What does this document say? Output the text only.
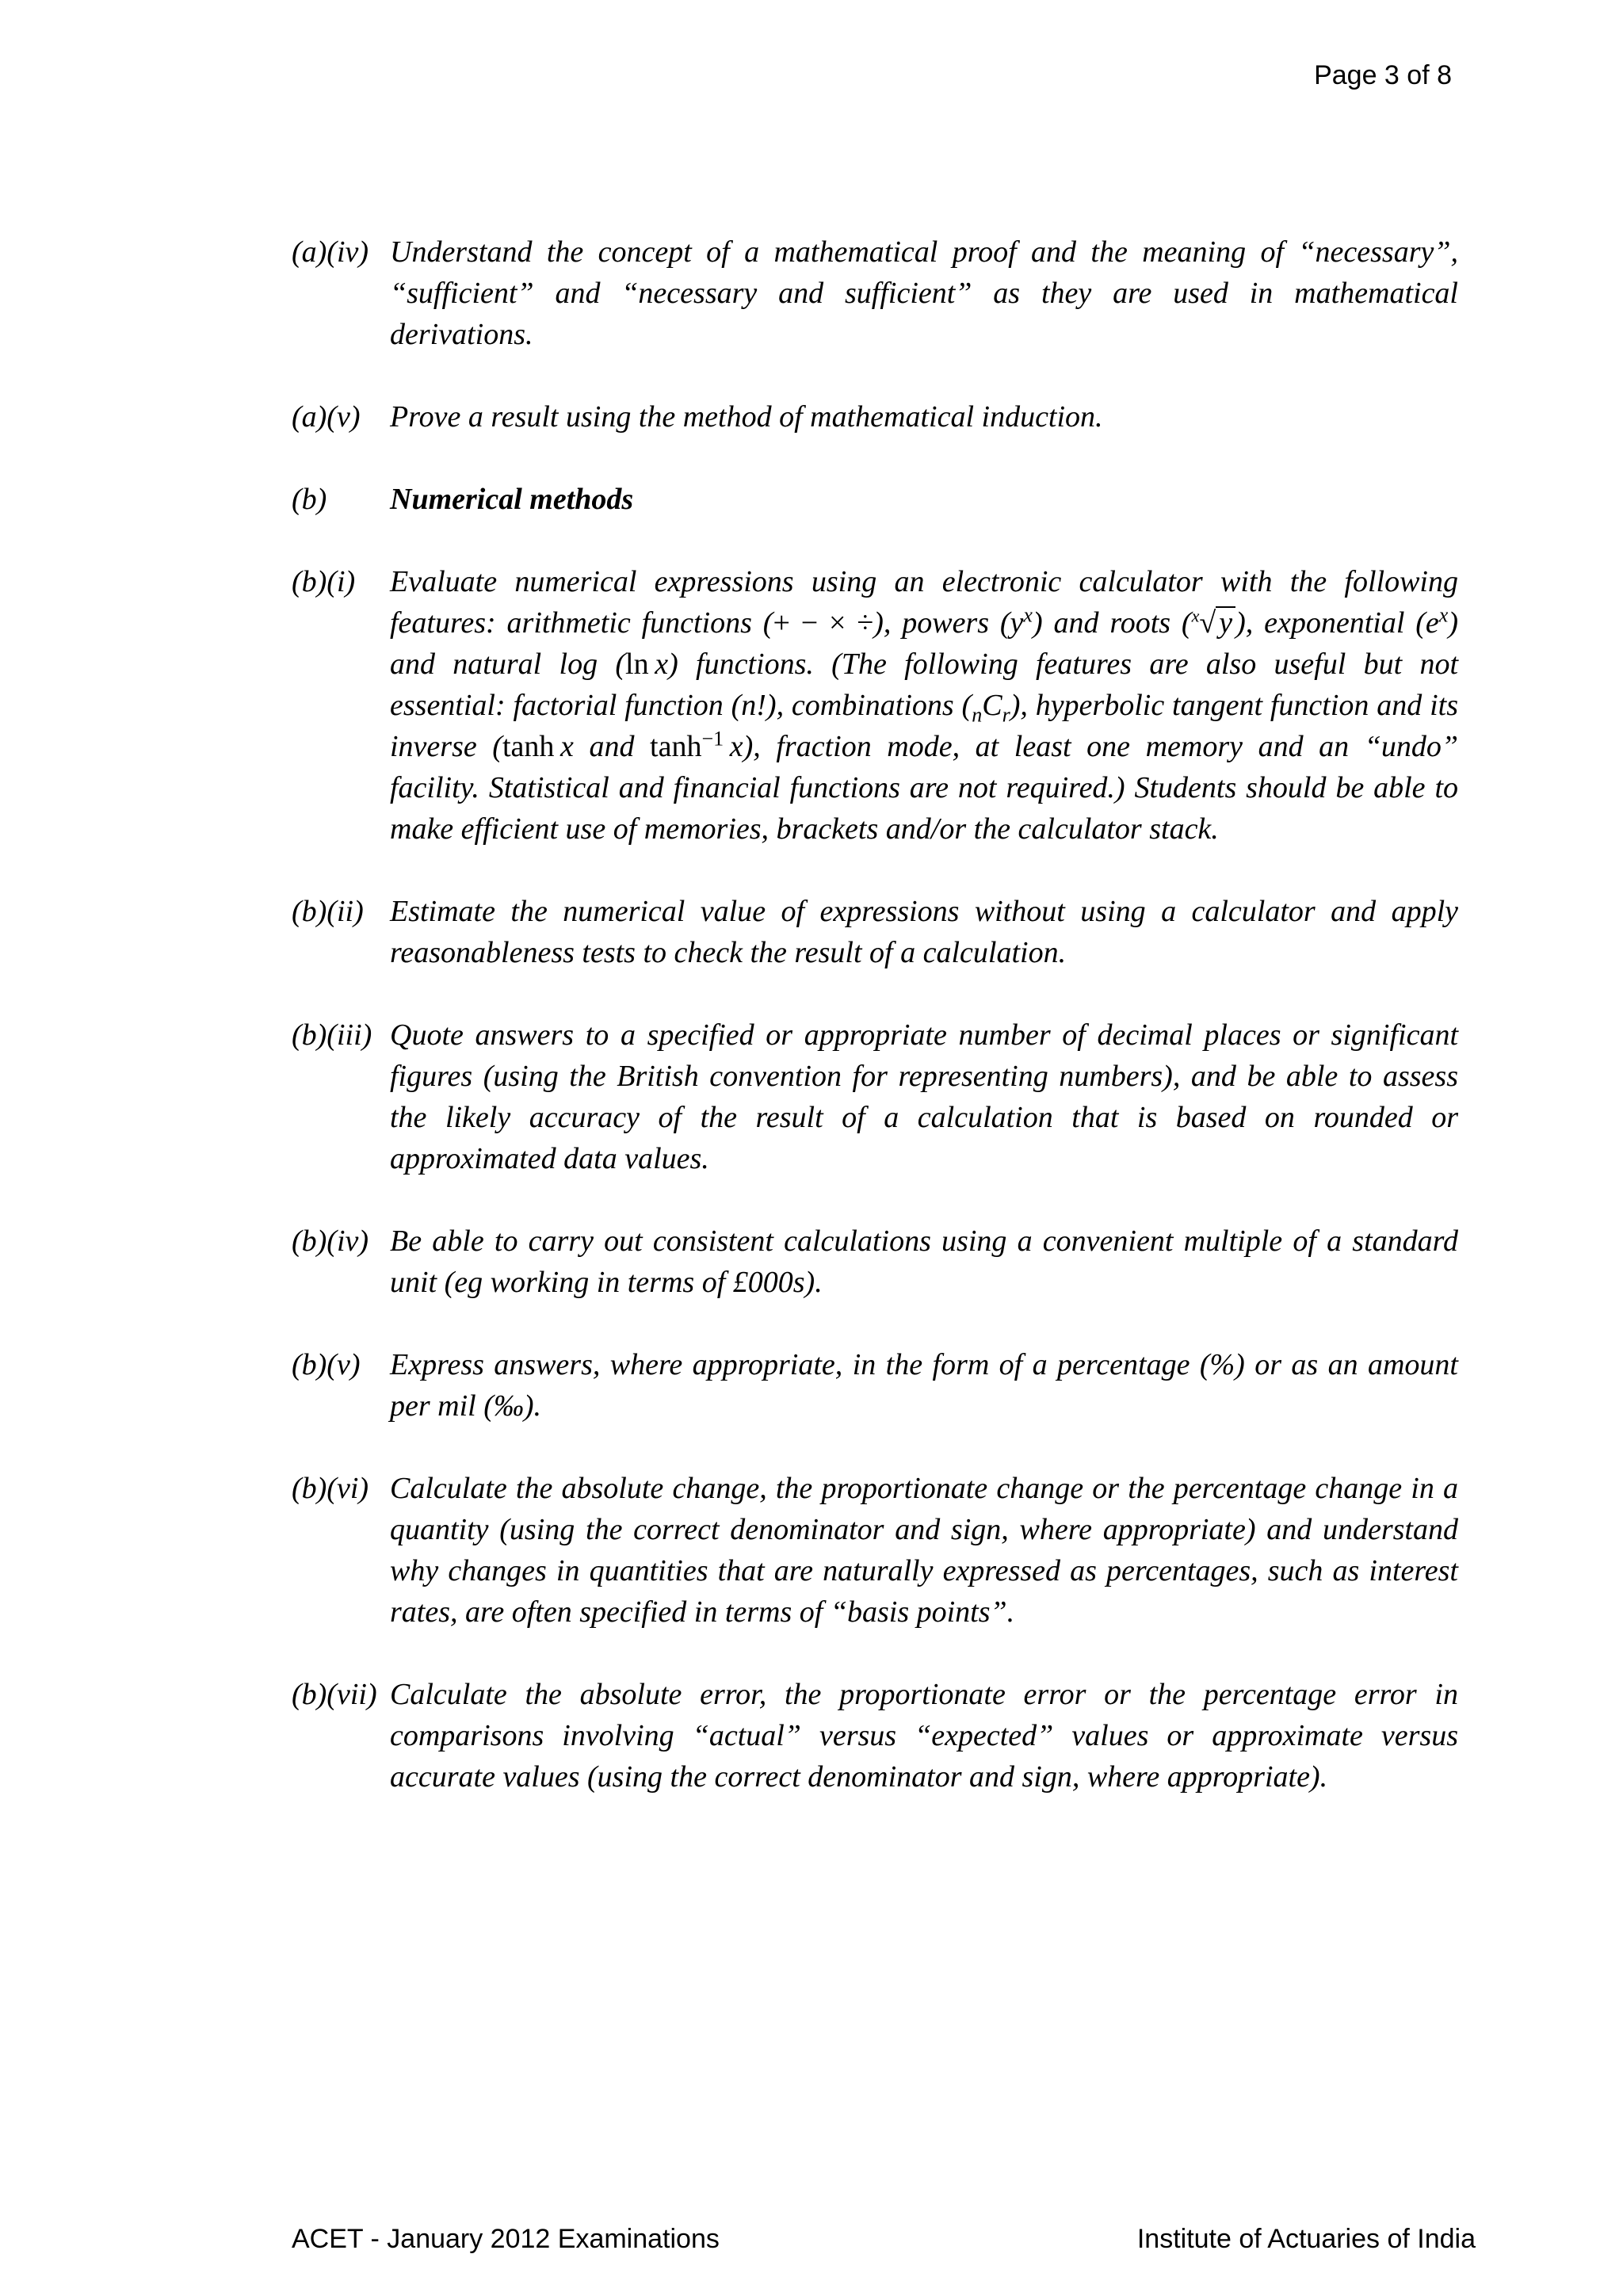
Page 3 of 8
(a)(iv) Understand the concept of a mathematical proof and the meaning of “necessary”, “sufficient” and “necessary and sufficient” as they are used in mathematical derivations.
(a)(v) Prove a result using the method of mathematical induction.
(b)	Numerical methods
(b)(i)	Evaluate numerical expressions using an electronic calculator with the following features: arithmetic functions (+ − × ÷), powers $(y^x)$ and roots ($^x$√ y ), exponential $(e^x)$ and natural log (ln  x) functions. (The following features are also useful but not essential: factorial function (n!), combinations $(_nC_r)$, hyperbolic tangent function and its inverse (tanh  x and $\tanh^{-1} x$), fraction mode, at least one memory and an “undo” facility. Statistical and financial functions are not required.) Students should be able to make efficient use of memories, brackets and/or the calculator stack.
(b)(ii) Estimate the numerical value of expressions without using a calculator and apply reasonableness tests to check the result of a calculation.
(b)(iii) Quote answers to a specified or appropriate number of decimal places or significant figures (using the British convention for representing numbers), and be able to assess the likely accuracy of the result of a calculation that is based on rounded or approximated data values.
(b)(iv) Be able to carry out consistent calculations using a convenient multiple of a standard unit (eg working in terms of £000s).
(b)(v) Express answers, where appropriate, in the form of a percentage (%) or as an amount per mil (‰).
(b)(vi) Calculate the absolute change, the proportionate change or the percentage change in a quantity (using the correct denominator and sign, where appropriate) and understand why changes in quantities that are naturally expressed as percentages, such as interest rates, are often specified in terms of “basis points”.
(b)(vii) Calculate the absolute error, the proportionate error or the percentage error in comparisons involving “actual” versus “expected” values or approximate versus accurate values (using the correct denominator and sign, where appropriate).
ACET - January 2012 Examinations	Institute of Actuaries of India
